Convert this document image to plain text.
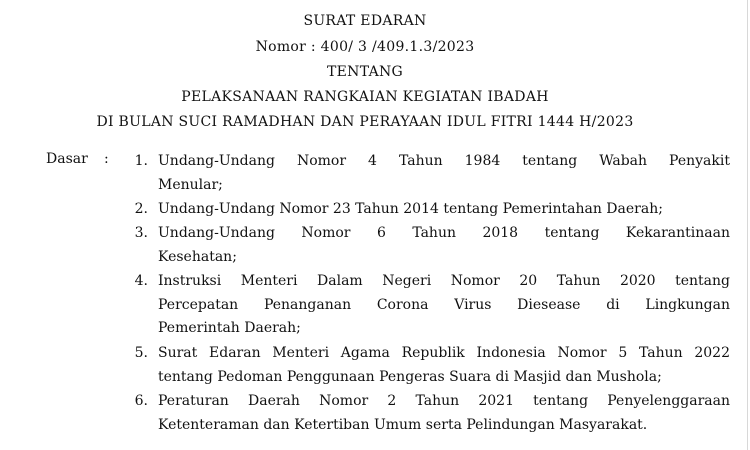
SURAT EDARAN
Nomor : 400/ 3 /409.1.3/2023
TENTANG
PELAKSANAAN RANGKAIAN KEGIATAN IBADAH
DI BULAN SUCI RAMADHAN DAN PERAYAAN IDUL FITRI 1444 H/2023
Dasar :	1. Undang-Undang Nomor 4 Tahun 1984 tentang Wabah Penyakit
Menular;
2. Undang-Undang Nomor 23 Tahun 2014 tentang Pemerintahan Daerah;
3. Undang-Undang Nomor 6 Tahun 2018 tentang Kekarantinaan
Kesehatan;
4. Instruksi Menteri Dalam Negeri Nomor 20 Tahun 2020 tentang
Percepatan Penanganan Corona Virus Diesease di Lingkungan
Pemerintah Daerah;
5. Surat Edaran Menteri Agama Republik Indonesia Nomor 5 Tahun 2022
tentang Pedoman Penggunaan Pengeras Suara di Masjid dan Mushola;
6. Peraturan Daerah Nomor 2 Tahun 2021 tentang Penyelenggaraan
Ketenteraman dan Ketertiban Umum serta Pelindungan Masyarakat.
